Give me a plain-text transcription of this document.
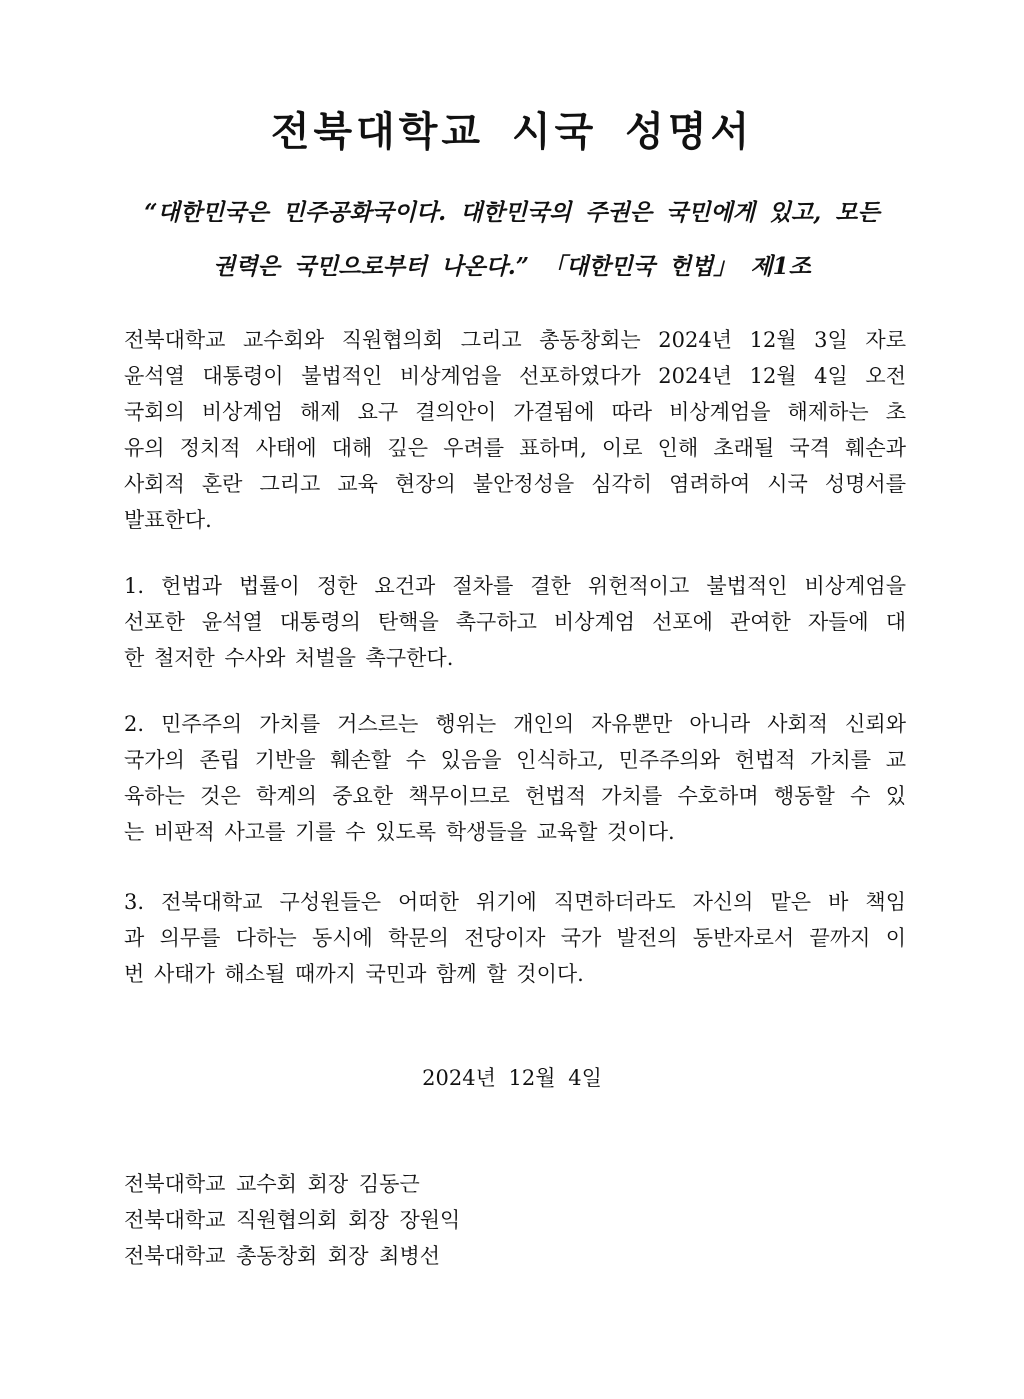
전북대학교 시국 성명서
“대한민국은 민주공화국이다. 대한민국의 주권은 국민에게 있고, 모든
권력은 국민으로부터 나온다.” 「대한민국 헌법」 제1조
전북대학교 교수회와 직원협의회 그리고 총동창회는 2024년 12월 3일 자로
윤석열 대통령이 불법적인 비상계엄을 선포하였다가 2024년 12월 4일 오전
국회의 비상계엄 해제 요구 결의안이 가결됨에 따라 비상계엄을 해제하는 초
유의 정치적 사태에 대해 깊은 우려를 표하며, 이로 인해 초래될 국격 훼손과
사회적 혼란 그리고 교육 현장의 불안정성을 심각히 염려하여 시국 성명서를
발표한다.
1. 헌법과 법률이 정한 요건과 절차를 결한 위헌적이고 불법적인 비상계엄을
선포한 윤석열 대통령의 탄핵을 촉구하고 비상계엄 선포에 관여한 자들에 대
한 철저한 수사와 처벌을 촉구한다.
2. 민주주의 가치를 거스르는 행위는 개인의 자유뿐만 아니라 사회적 신뢰와
국가의 존립 기반을 훼손할 수 있음을 인식하고, 민주주의와 헌법적 가치를 교
육하는 것은 학계의 중요한 책무이므로 헌법적 가치를 수호하며 행동할 수 있
는 비판적 사고를 기를 수 있도록 학생들을 교육할 것이다.
3. 전북대학교 구성원들은 어떠한 위기에 직면하더라도 자신의 맡은 바 책임
과 의무를 다하는 동시에 학문의 전당이자 국가 발전의 동반자로서 끝까지 이
번 사태가 해소될 때까지 국민과 함께 할 것이다.
2024년 12월 4일
전북대학교 교수회 회장 김동근
전북대학교 직원협의회 회장 장원익
전북대학교 총동창회 회장 최병선
